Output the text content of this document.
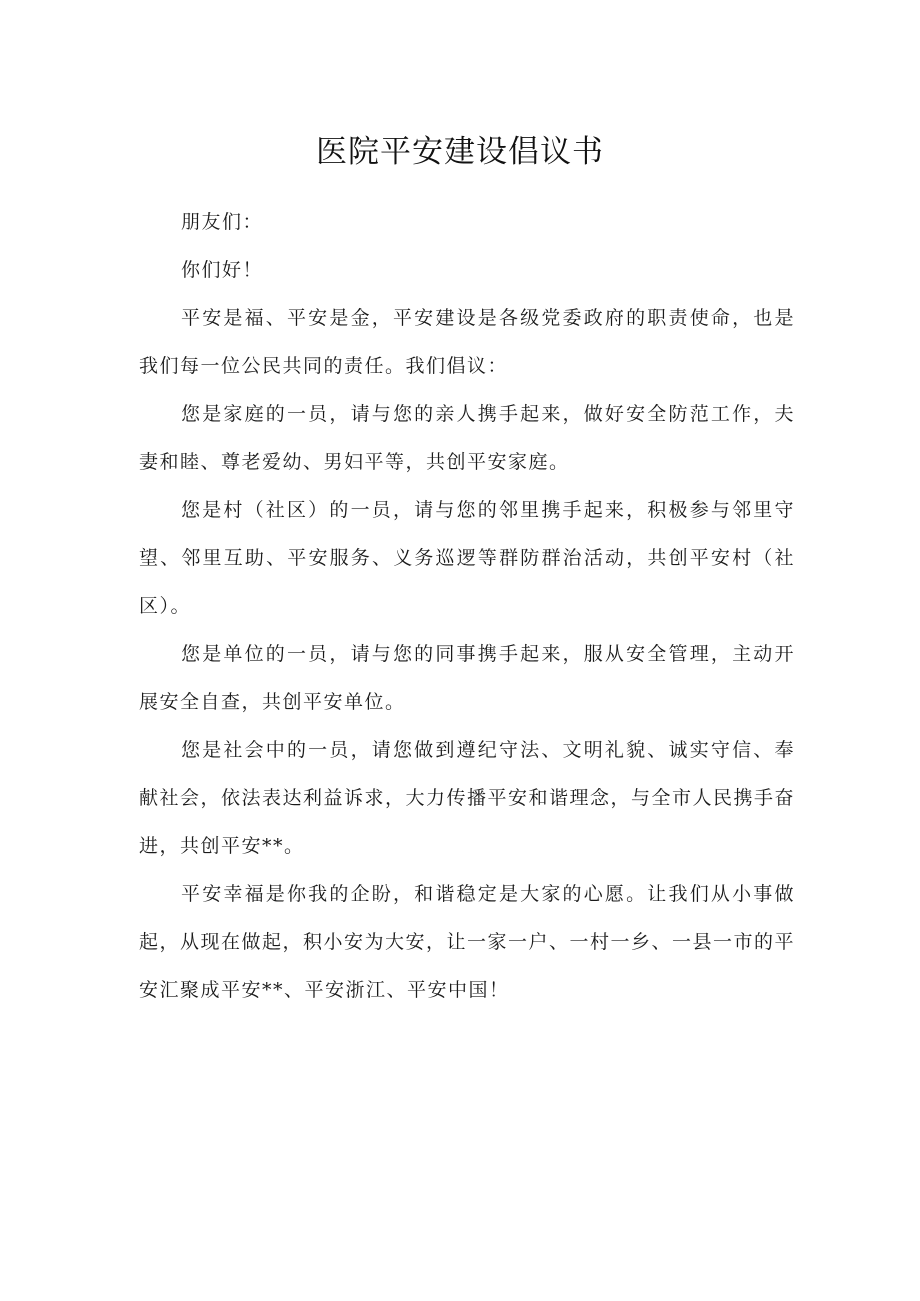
医院平安建设倡议书

朋友们：

你们好！

平安是福、平安是金，平安建设是各级党委政府的职责使命，也是我们每一位公民共同的责任。我们倡议：

您是家庭的一员，请与您的亲人携手起来，做好安全防范工作，夫妻和睦、尊老爱幼、男妇平等，共创平安家庭。

您是村（社区）的一员，请与您的邻里携手起来，积极参与邻里守望、邻里互助、平安服务、义务巡逻等群防群治活动，共创平安村（社区）。

您是单位的一员，请与您的同事携手起来，服从安全管理，主动开展安全自查，共创平安单位。

您是社会中的一员，请您做到遵纪守法、文明礼貌、诚实守信、奉献社会，依法表达利益诉求，大力传播平安和谐理念，与全市人民携手奋进，共创平安**。

平安幸福是你我的企盼，和谐稳定是大家的心愿。让我们从小事做起，从现在做起，积小安为大安，让一家一户、一村一乡、一县一市的平安汇聚成平安**、平安浙江、平安中国！
